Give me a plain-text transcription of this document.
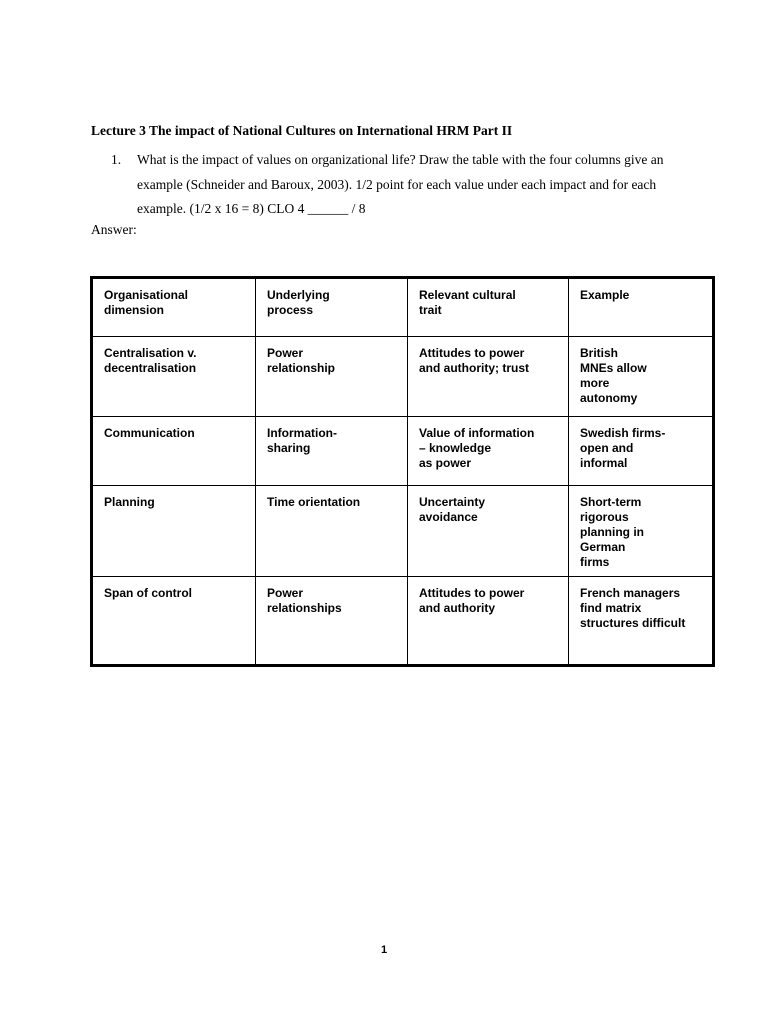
Lecture 3 The impact of National Cultures on International HRM Part II
1. What is the impact of values on organizational life? Draw the table with the four columns give an
example (Schneider and Baroux, 2003). 1/2 point for each value under each impact and for each
example. (1/2 x 16 = 8) CLO 4 ______ / 8
Answer:
Organisational
dimension	Underlying
process	Relevant cultural
trait	Example

Centralisation v.
decentralisation	Power
relationship	Attitudes to power
and authority; trust	British
MNEs allow
more
autonomy

Communication	Information-
sharing	Value of information
– knowledge
as power	Swedish firms-
open and
informal

Planning	Time orientation	Uncertainty
avoidance	Short-term
rigorous
planning in
German
firms

Span of control	Power
relationships	Attitudes to power
and authority	French managers
find matrix
structures difficult
1
